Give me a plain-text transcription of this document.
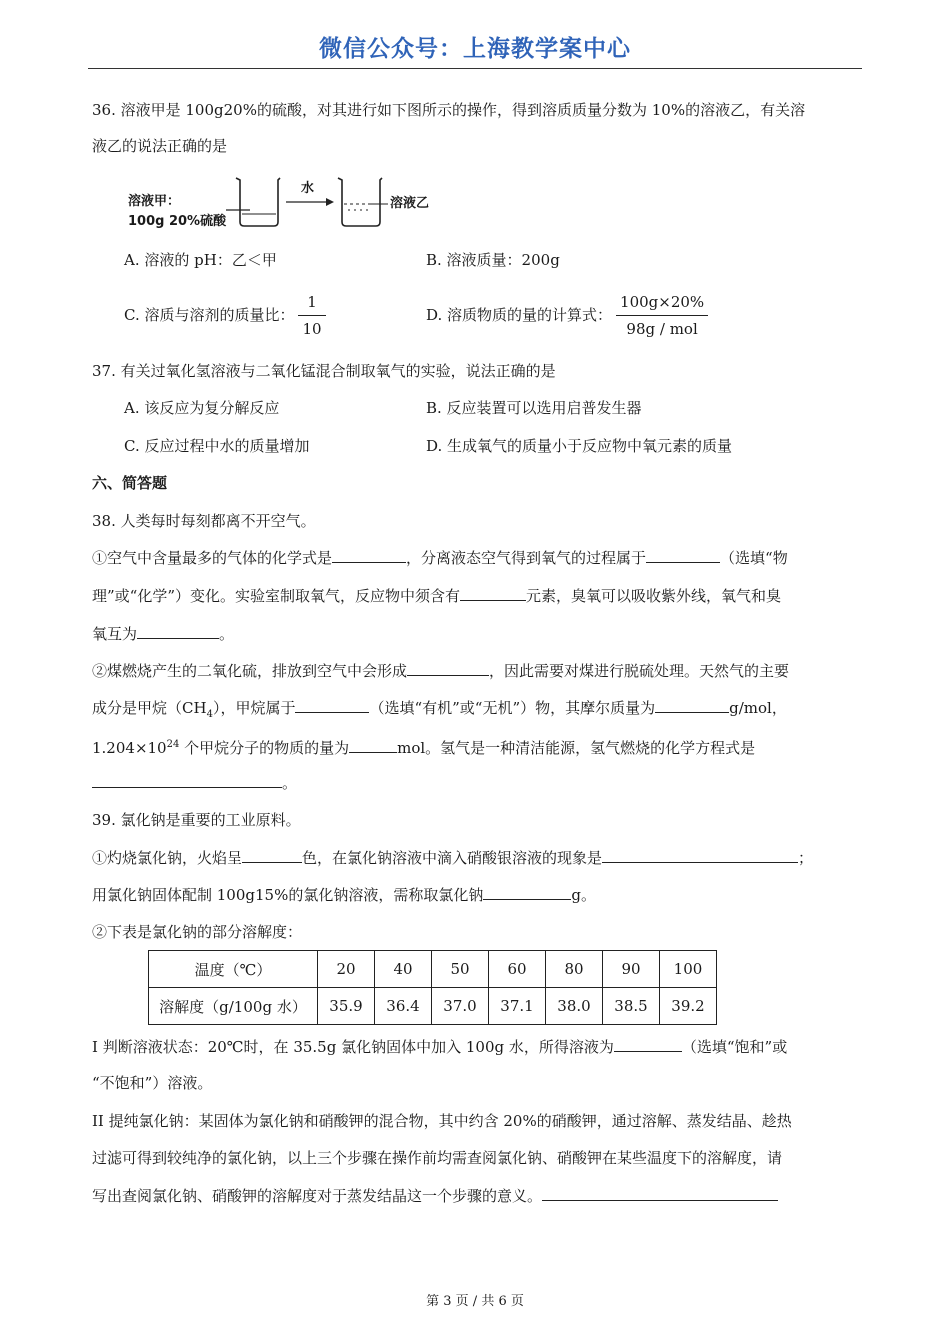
微信公众号：上海教学案中心
36. 溶液甲是 100g20%的硫酸，对其进行如下图所示的操作，得到溶质质量分数为 10%的溶液乙，有关溶
液乙的说法正确的是
溶液甲：
100g 20%硫酸
水
溶液乙
A. 溶液的 pH：乙＜甲	B. 溶液质量：200g
C. 溶质与溶剂的质量比： $\frac{1}{10}$	D. 溶质物质的量的计算式： $\frac{100g\times 20\%}{\text{98g / mol}}$
37. 有关过氧化氢溶液与二氧化锰混合制取氧气的实验，说法正确的是
A. 该反应为复分解反应	B. 反应装置可以选用启普发生器
C. 反应过程中水的质量增加	D. 生成氧气的质量小于反应物中氧元素的质量
六、简答题
38. 人类每时每刻都离不开空气。
①空气中含量最多的气体的化学式是	，分离液态空气得到氧气的过程属于	（选填“物
理”或“化学”）变化。实验室制取氧气，反应物中须含有	元素，臭氧可以吸收紫外线，氧气和臭
氧互为	。
②煤燃烧产生的二氧化硫，排放到空气中会形成	，因此需要对煤进行脱硫处理。天然气的主要
成分是甲烷$(CH_4)$，甲烷属于	（选填“有机”或“无机”）物，其摩尔质量为	g/mol，
$1.204\times 10^{24}$ 个甲烷分子的物质的量为	mol。氢气是一种清洁能源，氢气燃烧的化学方程式是
。
39. 氯化钠是重要的工业原料。
①灼烧氯化钠，火焰呈	色，在氯化钠溶液中滴入硝酸银溶液的现象是	；
用氯化钠固体配制 100g15%的氯化钠溶液，需称取氯化钠	g。
②下表是氯化钠的部分溶解度：
温度（℃）	20	40	50	60	80	90	100
溶解度（g/100g 水）	35.9	36.4	37.0	37.1	38.0	38.5	39.2
I 判断溶液状态：20℃时，在 35.5g 氯化钠固体中加入 100g 水，所得溶液为	（选填“饱和”或
“不饱和”）溶液。
II 提纯氯化钠：某固体为氯化钠和硝酸钾的混合物，其中约含 20%的硝酸钾，通过溶解、蒸发结晶、趁热
过滤可得到较纯净的氯化钠，以上三个步骤在操作前均需查阅氯化钠、硝酸钾在某些温度下的溶解度，请
写出查阅氯化钠、硝酸钾的溶解度对于蒸发结晶这一个步骤的意义。
第 3 页 / 共 6 页
